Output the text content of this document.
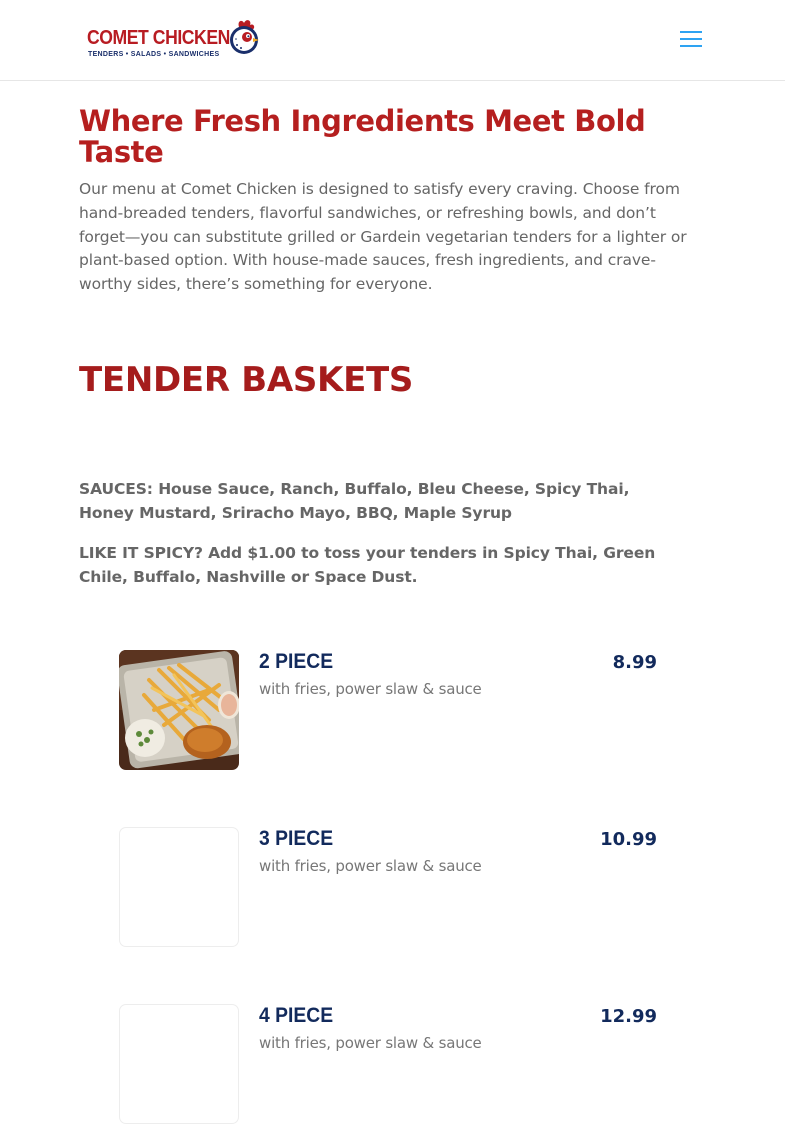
COMET CHICKEN
TENDERS • SALADS • SANDWICHES
Where Fresh Ingredients Meet Bold Taste

Our menu at Comet Chicken is designed to satisfy every craving. Choose from hand-breaded tenders, flavorful sandwiches, or refreshing bowls, and don’t forget—you can substitute grilled or Gardein vegetarian tenders for a lighter or plant-based option. With house-made sauces, fresh ingredients, and crave-worthy sides, there’s something for everyone.

TENDER BASKETS

SAUCES: House Sauce, Ranch, Buffalo, Bleu Cheese, Spicy Thai, Honey Mustard, Sriracho Mayo, BBQ, Maple Syrup

LIKE IT SPICY? Add $1.00 to toss your tenders in Spicy Thai, Green Chile, Buffalo, Nashville or Space Dust.

2 PIECE
with fries, power slaw & sauce
8.99
3 PIECE
with fries, power slaw & sauce
10.99
4 PIECE
with fries, power slaw & sauce
12.99
